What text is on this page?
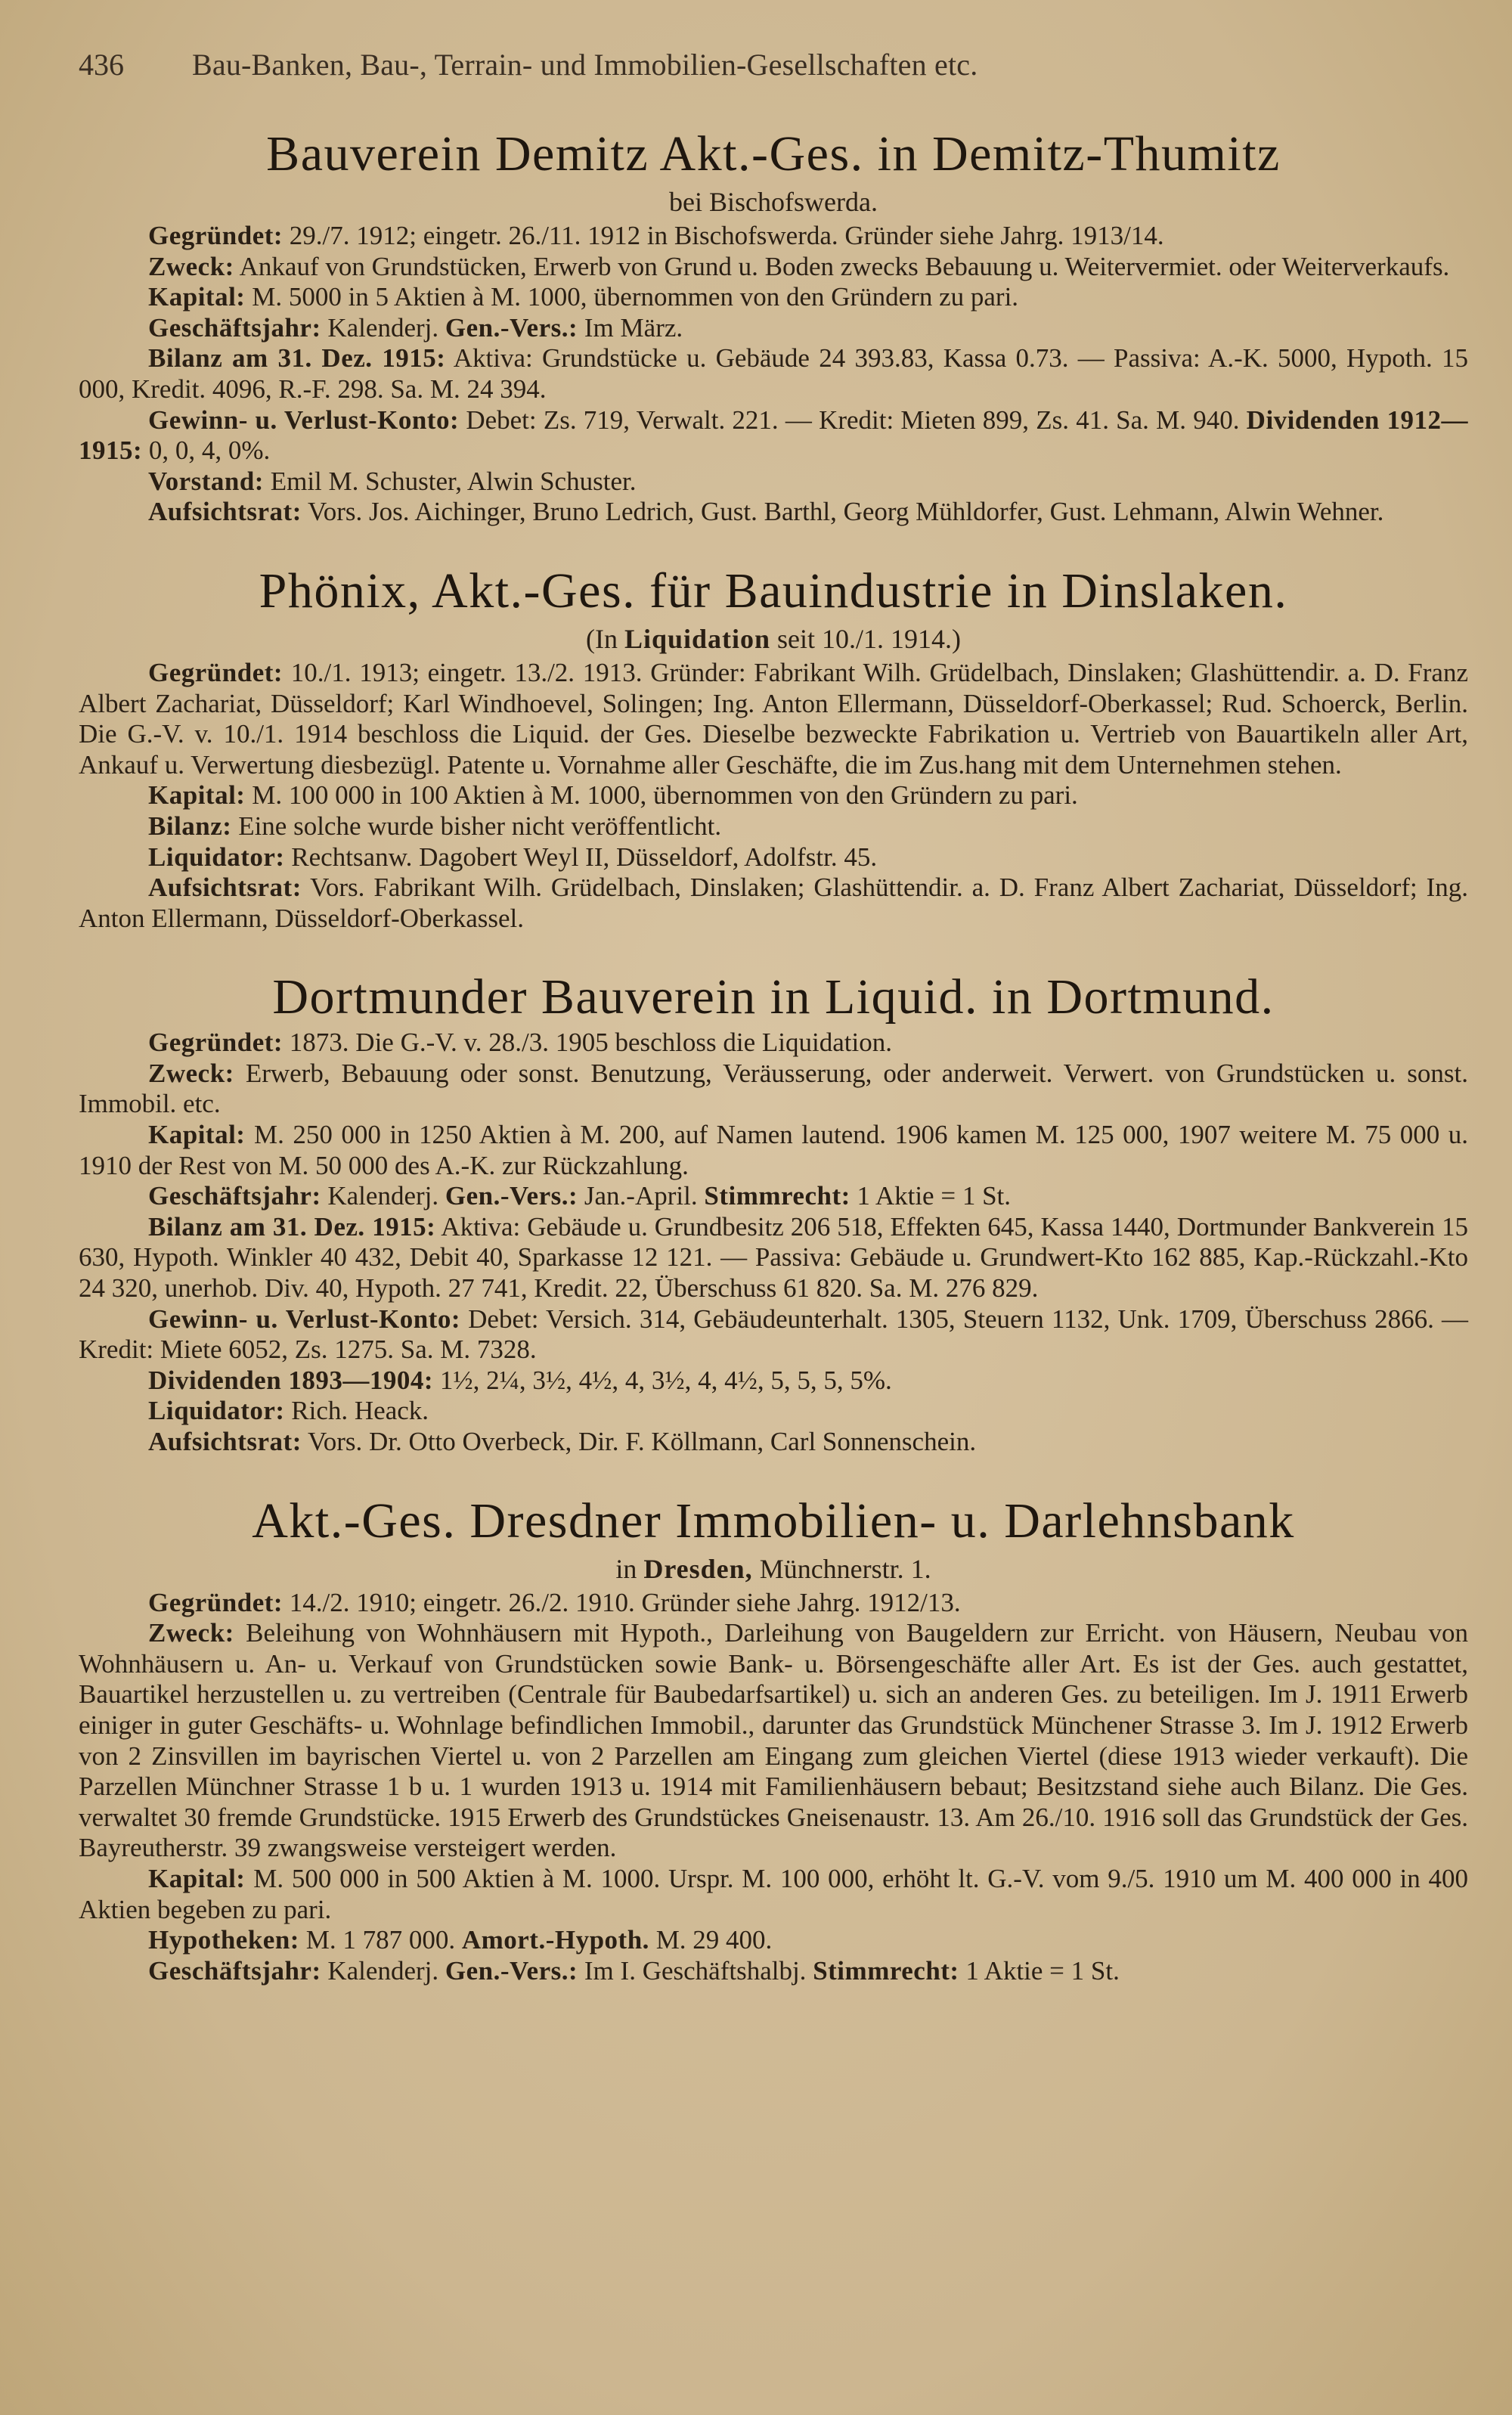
436	Bau-Banken, Bau-, Terrain- und Immobilien-Gesellschaften etc.
Bauverein Demitz Akt.-Ges. in Demitz-Thumitz

bei Bischofswerda.

Gegründet: 29./7. 1912; eingetr. 26./11. 1912 in Bischofswerda. Gründer siehe Jahrg. 1913/14.

Zweck: Ankauf von Grundstücken, Erwerb von Grund u. Boden zwecks Bebauung u. Weitervermiet. oder Weiterverkaufs.

Kapital: M. 5000 in 5 Aktien à M. 1000, übernommen von den Gründern zu pari.

Geschäftsjahr: Kalenderj. Gen.-Vers.: Im März.

Bilanz am 31. Dez. 1915: Aktiva: Grundstücke u. Gebäude 24 393.83, Kassa 0.73. — Passiva: A.-K. 5000, Hypoth. 15 000, Kredit. 4096, R.-F. 298. Sa. M. 24 394.

Gewinn- u. Verlust-Konto: Debet: Zs. 719, Verwalt. 221. — Kredit: Mieten 899, Zs. 41. Sa. M. 940. Dividenden 1912—1915: 0, 0, 4, 0%.

Vorstand: Emil M. Schuster, Alwin Schuster.

Aufsichtsrat: Vors. Jos. Aichinger, Bruno Ledrich, Gust. Barthl, Georg Mühldorfer, Gust. Lehmann, Alwin Wehner.

Phönix, Akt.-Ges. für Bauindustrie in Dinslaken.

(In Liquidation seit 10./1. 1914.)

Gegründet: 10./1. 1913; eingetr. 13./2. 1913. Gründer: Fabrikant Wilh. Grüdelbach, Dinslaken; Glashüttendir. a. D. Franz Albert Zachariat, Düsseldorf; Karl Windhoevel, Solingen; Ing. Anton Ellermann, Düsseldorf-Oberkassel; Rud. Schoerck, Berlin. Die G.-V. v. 10./1. 1914 beschloss die Liquid. der Ges. Dieselbe bezweckte Fabrikation u. Vertrieb von Bauartikeln aller Art, Ankauf u. Verwertung diesbezügl. Patente u. Vornahme aller Geschäfte, die im Zus.hang mit dem Unternehmen stehen.

Kapital: M. 100 000 in 100 Aktien à M. 1000, übernommen von den Gründern zu pari.

Bilanz: Eine solche wurde bisher nicht veröffentlicht.

Liquidator: Rechtsanw. Dagobert Weyl II, Düsseldorf, Adolfstr. 45.

Aufsichtsrat: Vors. Fabrikant Wilh. Grüdelbach, Dinslaken; Glashüttendir. a. D. Franz Albert Zachariat, Düsseldorf; Ing. Anton Ellermann, Düsseldorf-Oberkassel.

Dortmunder Bauverein in Liquid. in Dortmund.

Gegründet: 1873. Die G.-V. v. 28./3. 1905 beschloss die Liquidation.

Zweck: Erwerb, Bebauung oder sonst. Benutzung, Veräusserung, oder anderweit. Verwert. von Grundstücken u. sonst. Immobil. etc.

Kapital: M. 250 000 in 1250 Aktien à M. 200, auf Namen lautend. 1906 kamen M. 125 000, 1907 weitere M. 75 000 u. 1910 der Rest von M. 50 000 des A.-K. zur Rückzahlung.

Geschäftsjahr: Kalenderj. Gen.-Vers.: Jan.-April. Stimmrecht: 1 Aktie = 1 St.

Bilanz am 31. Dez. 1915: Aktiva: Gebäude u. Grundbesitz 206 518, Effekten 645, Kassa 1440, Dortmunder Bankverein 15 630, Hypoth. Winkler 40 432, Debit 40, Sparkasse 12 121. — Passiva: Gebäude u. Grundwert-Kto 162 885, Kap.-Rückzahl.-Kto 24 320, unerhob. Div. 40, Hypoth. 27 741, Kredit. 22, Überschuss 61 820. Sa. M. 276 829.

Gewinn- u. Verlust-Konto: Debet: Versich. 314, Gebäudeunterhalt. 1305, Steuern 1132, Unk. 1709, Überschuss 2866. — Kredit: Miete 6052, Zs. 1275. Sa. M. 7328.

Dividenden 1893—1904: 1½, 2¼, 3½, 4½, 4, 3½, 4, 4½, 5, 5, 5, 5%.

Liquidator: Rich. Heack.

Aufsichtsrat: Vors. Dr. Otto Overbeck, Dir. F. Köllmann, Carl Sonnenschein.

Akt.-Ges. Dresdner Immobilien- u. Darlehnsbank

in Dresden, Münchnerstr. 1.

Gegründet: 14./2. 1910; eingetr. 26./2. 1910. Gründer siehe Jahrg. 1912/13.

Zweck: Beleihung von Wohnhäusern mit Hypoth., Darleihung von Baugeldern zur Erricht. von Häusern, Neubau von Wohnhäusern u. An- u. Verkauf von Grundstücken sowie Bank- u. Börsengeschäfte aller Art. Es ist der Ges. auch gestattet, Bauartikel herzustellen u. zu vertreiben (Centrale für Baubedarfsartikel) u. sich an anderen Ges. zu beteiligen. Im J. 1911 Erwerb einiger in guter Geschäfts- u. Wohnlage befindlichen Immobil., darunter das Grundstück Münchener Strasse 3. Im J. 1912 Erwerb von 2 Zinsvillen im bayrischen Viertel u. von 2 Parzellen am Eingang zum gleichen Viertel (diese 1913 wieder verkauft). Die Parzellen Münchner Strasse 1 b u. 1 wurden 1913 u. 1914 mit Familienhäusern bebaut; Besitzstand siehe auch Bilanz. Die Ges. verwaltet 30 fremde Grundstücke. 1915 Erwerb des Grundstückes Gneisenaustr. 13. Am 26./10. 1916 soll das Grundstück der Ges. Bayreutherstr. 39 zwangsweise versteigert werden.

Kapital: M. 500 000 in 500 Aktien à M. 1000. Urspr. M. 100 000, erhöht lt. G.-V. vom 9./5. 1910 um M. 400 000 in 400 Aktien begeben zu pari.

Hypotheken: M. 1 787 000. Amort.-Hypoth. M. 29 400.

Geschäftsjahr: Kalenderj. Gen.-Vers.: Im I. Geschäftshalbj. Stimmrecht: 1 Aktie = 1 St.
